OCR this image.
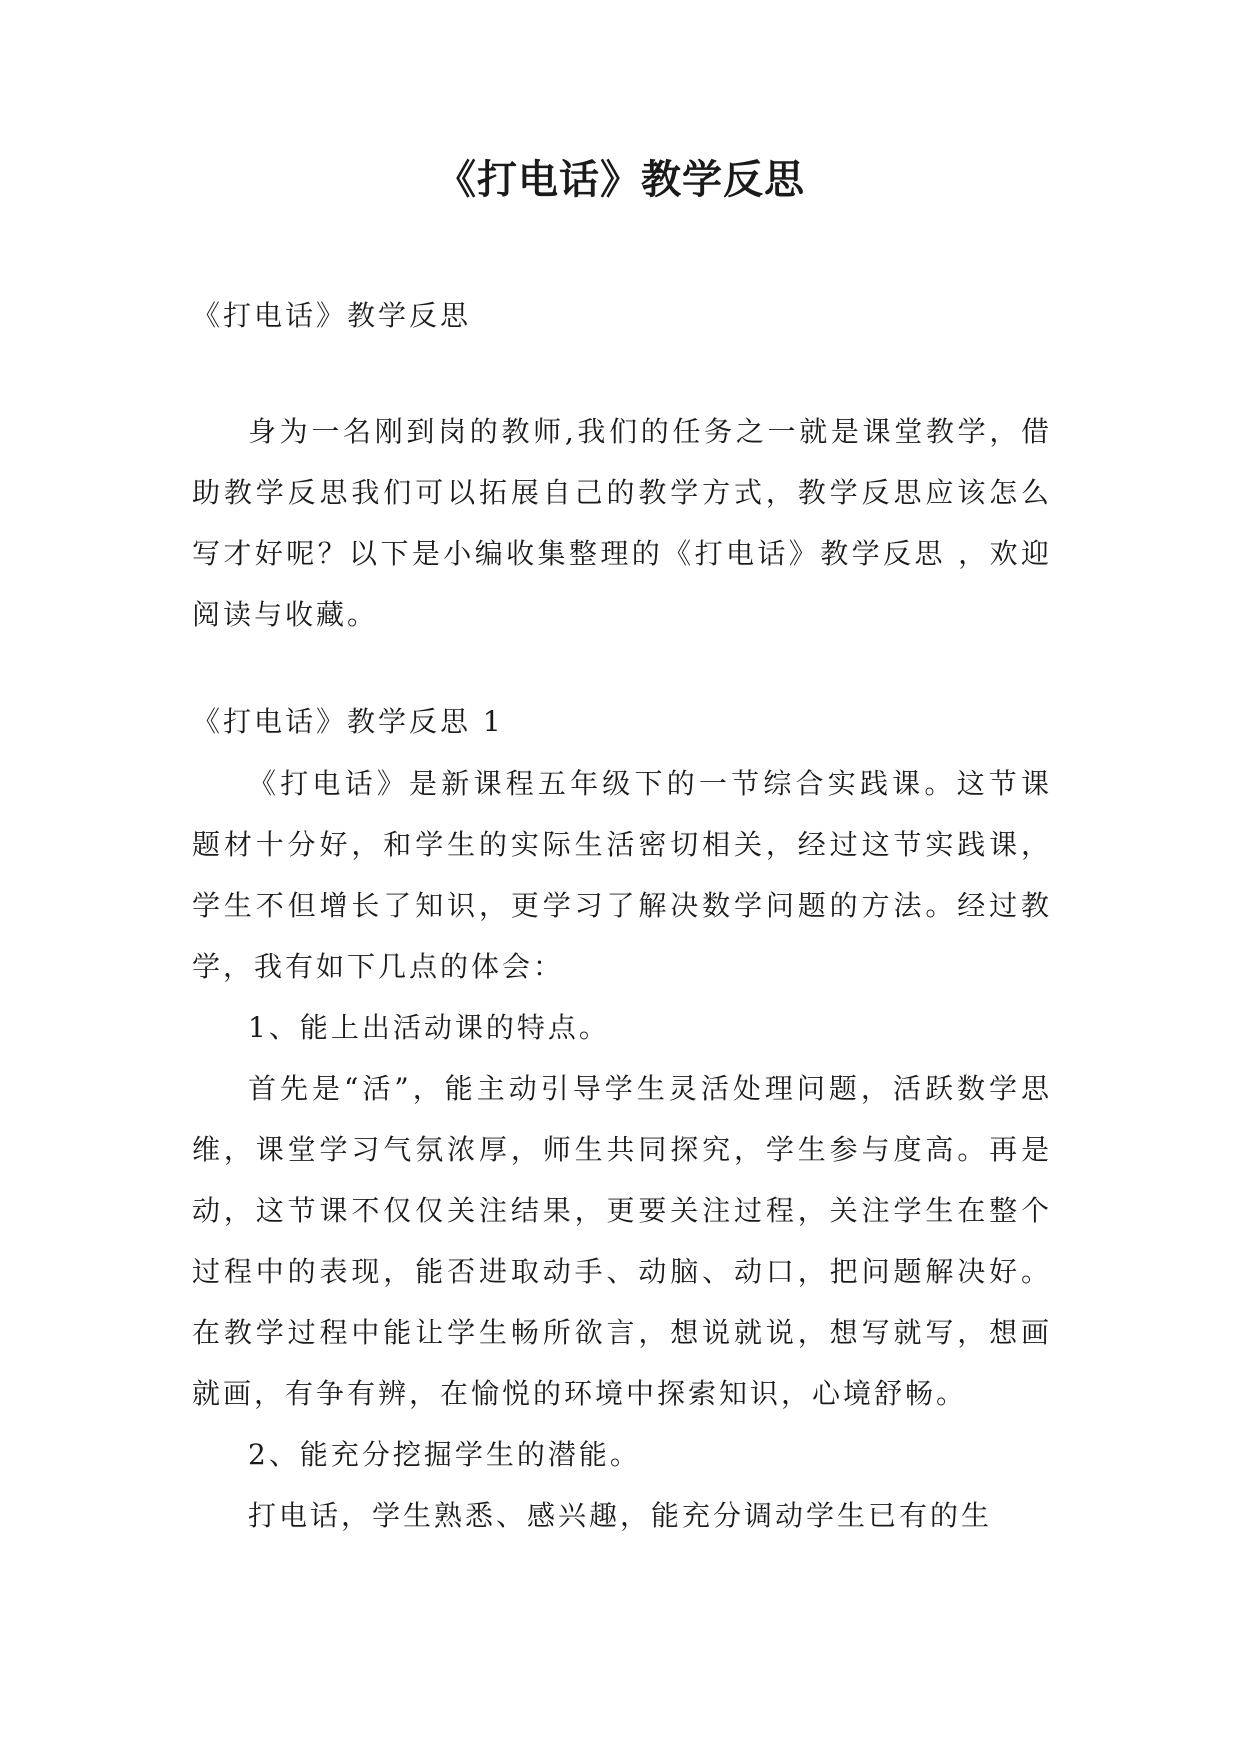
《打电话》教学反思
《打电话》教学反思

身为一名刚到岗的教师,我们的任务之一就是课堂教学，借助教学反思我们可以拓展自己的教学方式，教学反思应该怎么写才好呢？以下是小编收集整理的《打电话》教学反思 ，欢迎阅读与收藏。

《打电话》教学反思 1

《打电话》是新课程五年级下的一节综合实践课。这节课题材十分好，和学生的实际生活密切相关，经过这节实践课，学生不但增长了知识，更学习了解决数学问题的方法。经过教学，我有如下几点的体会：

1、能上出活动课的特点。

首先是“活”，能主动引导学生灵活处理问题，活跃数学思维，课堂学习气氛浓厚，师生共同探究，学生参与度高。再是动，这节课不仅仅关注结果，更要关注过程，关注学生在整个过程中的表现，能否进取动手、动脑、动口，把问题解决好。在教学过程中能让学生畅所欲言，想说就说，想写就写，想画就画，有争有辨，在愉悦的环境中探索知识，心境舒畅。

2、能充分挖掘学生的潜能。

打电话，学生熟悉、感兴趣，能充分调动学生已有的生
